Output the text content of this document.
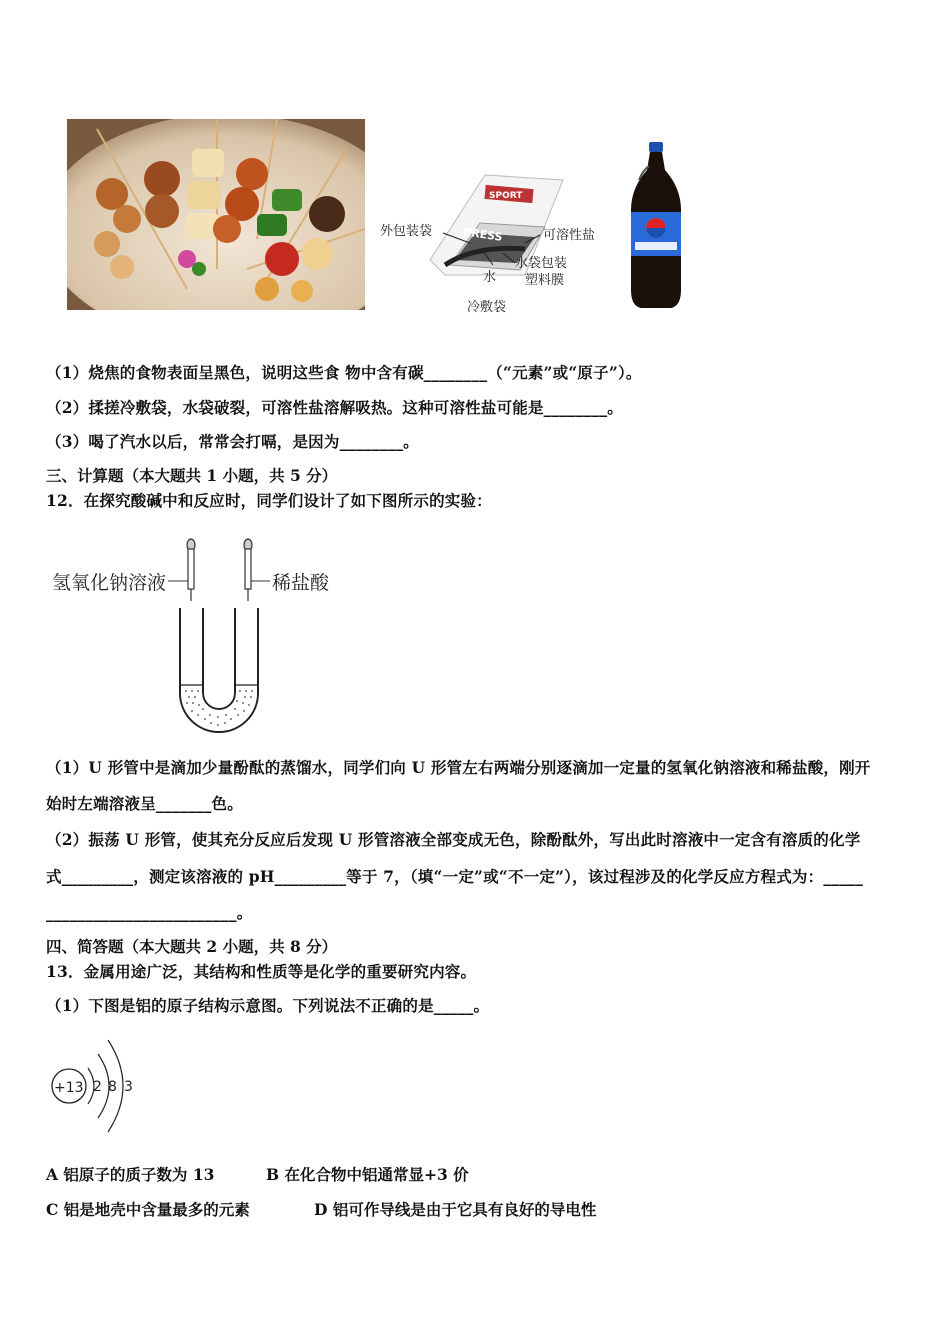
SPORT
PRESS
外包装袋	可溶性盐
水
水袋包装
塑料膜
冷敷袋
（1）烧焦的食物表面呈黑色，说明这些食 物中含有碳________（“元素”或“原子”）。
（2）揉搓冷敷袋，水袋破裂，可溶性盐溶解吸热。这种可溶性盐可能是________。
（3）喝了汽水以后，常常会打嗝，是因为________。
三、计算题（本大题共 1 小题，共 5 分）
12．在探究酸碱中和反应时，同学们设计了如下图所示的实验：
氢氧化钠溶液	稀盐酸
（1）U 形管中是滴加少量酚酞的蒸馏水，同学们向 U 形管左右两端分别逐滴加一定量的氢氧化钠溶液和稀盐酸，刚开
始时左端溶液呈_______色。
（2）振荡 U 形管，使其充分反应后发现 U 形管溶液全部变成无色，除酚酞外，写出此时溶液中一定含有溶质的化学
式_________，测定该溶液的 pH_________等于 7，（填“一定”或“不一定”），该过程涉及的化学反应方程式为：_____
________________________。
四、简答题（本大题共 2 小题，共 8 分）
13．金属用途广泛，其结构和性质等是化学的重要研究内容。
（1）下图是铝的原子结构示意图。下列说法不正确的是_____。
+13 2 8 3
A 铝原子的质子数为 13	B 在化合物中铝通常显+3 价
C 铝是地壳中含量最多的元素	D 铝可作导线是由于它具有良好的导电性
